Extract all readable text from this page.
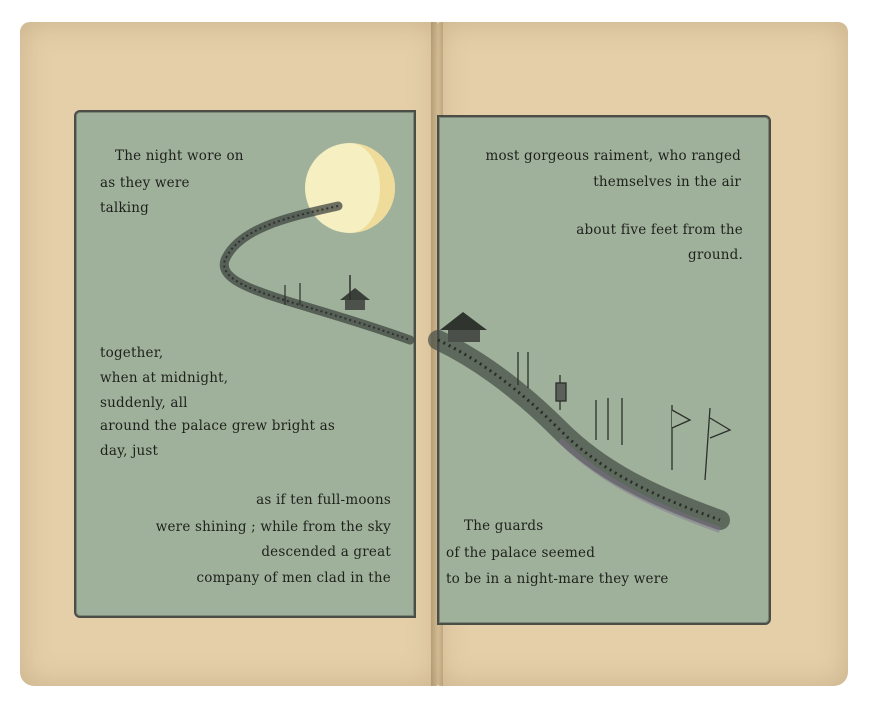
The night wore on
as they were
talking
together,
when at midnight,
suddenly, all
around the palace grew bright as
day, just
as if ten full-moons
were shining ; while from the sky
descended a great
company of men clad in the
most gorgeous raiment, who ranged
themselves in the air
about five feet from the
ground.
The guards
of the palace seemed
to be in a night-mare they were
